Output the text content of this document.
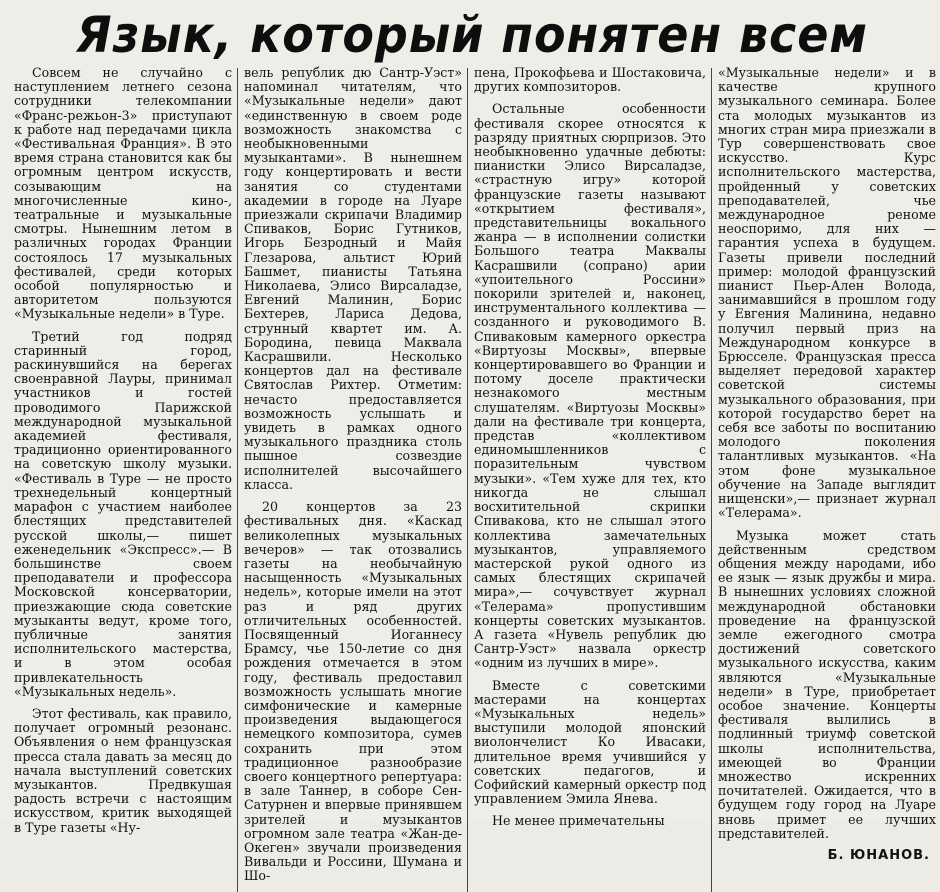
Язык, который понятен всем

Совсем не случайно с наступлением летнего сезона сотрудники телекомпании «Франс-режьон-3» приступают к работе над передачами цикла «Фестивальная Франция». В это время страна становится как бы огромным центром искусств, созывающим на многочисленные кино-, театральные и музыкальные смотры. Нынешним летом в различных городах Франции состоялось 17 музыкальных фестивалей, среди которых особой популярностью и авторитетом пользуются «Музыкальные недели» в Туре.

Третий год подряд старинный город, раскинувшийся на берегах своенравной Лауры, принимал участников и гостей проводимого Парижской международной музыкальной академией фестиваля, традиционно ориентированного на советскую школу музыки. «Фестиваль в Туре — не просто трехнедельный концертный марафон с участием наиболее блестящих представителей русской школы,— пишет еженедельник «Экспресс».— В большинстве своем преподаватели и профессора Московской консерватории, приезжающие сюда советские музыканты ведут, кроме того, публичные занятия исполнительского мастерства, и в этом особая привлекательность «Музыкальных недель».

Этот фестиваль, как правило, получает огромный резонанс. Объявления о нем французская пресса стала давать за месяц до начала выступлений советских музыкантов. Предвкушая радость встречи с настоящим искусством, критик выходящей в Туре газеты «Ну-

вель републик дю Сантр-Уэст» напоминал читателям, что «Музыкальные недели» дают «единственную в своем роде возможность знакомства с необыкновенными музыкантами». В нынешнем году концертировать и вести занятия со студентами академии в городе на Луаре приезжали скрипачи Владимир Спиваков, Борис Гутников, Игорь Безродный и Майя Глезарова, альтист Юрий Башмет, пианисты Татьяна Николаева, Элисо Вирсаладзе, Евгений Малинин, Борис Бехтерев, Лариса Дедова, струнный квартет им. А. Бородина, певица Маквала Касрашвили. Несколько концертов дал на фестивале Святослав Рихтер. Отметим: нечасто предоставляется возможность услышать и увидеть в рамках одного музыкального праздника столь пышное созвездие исполнителей высочайшего класса.

20 концертов за 23 фестивальных дня. «Каскад великолепных музыкальных вечеров» — так отозвались газеты на необычайную насыщенность «Музыкальных недель», которые имели на этот раз и ряд других отличительных особенностей. Посвященный Иоганнесу Брамсу, чье 150-летие со дня рождения отмечается в этом году, фестиваль предоставил возможность услышать многие симфонические и камерные произведения выдающегося немецкого композитора, сумев сохранить при этом традиционное разнообразие своего концертного репертуара: в зале Таннер, в соборе Сен-Сатурнен и впервые принявшем зрителей и музыкантов огромном зале театра «Жан-де-Океген» звучали произведения Вивальди и Россини, Шумана и Шо-

пена, Прокофьева и Шостаковича, других композиторов.

Остальные особенности фестиваля скорее относятся к разряду приятных сюрпризов. Это необыкновенно удачные дебюты: пианистки Элисо Вирсаладзе, «страстную игру» которой французские газеты называют «открытием фестиваля», представительницы вокального жанра — в исполнении солистки Большого театра Маквалы Касрашвили (сопрано) арии «упоительного Россини» покорили зрителей и, наконец, инструментального коллектива — созданного и руководимого В. Спиваковым камерного оркестра «Виртуозы Москвы», впервые концертировавшего во Франции и потому доселе практически незнакомого местным слушателям. «Виртуозы Москвы» дали на фестивале три концерта, представ «коллективом единомышленников с поразительным чувством музыки». «Тем хуже для тех, кто никогда не слышал восхитительной скрипки Спивакова, кто не слышал этого коллектива замечательных музыкантов, управляемого мастерской рукой одного из самых блестящих скрипачей мира»,— сочувствует журнал «Телерама» пропустившим концерты советских музыкантов. А газета «Нувель републик дю Сантр-Уэст» назвала оркестр «одним из лучших в мире».

Вместе с советскими мастерами на концертах «Музыкальных недель» выступили молодой японский виолончелист Ко Ивасаки, длительное время учившийся у советских педагогов, и Софийский камерный оркестр под управлением Эмила Янева.

Не менее примечательны

«Музыкальные недели» и в качестве крупного музыкального семинара. Более ста молодых музыкантов из многих стран мира приезжали в Тур совершенствовать свое искусство. Курс исполнительского мастерства, пройденный у советских преподавателей, чье международное реноме неоспоримо, для них — гарантия успеха в будущем. Газеты привели последний пример: молодой французский пианист Пьер-Ален Волода, занимавшийся в прошлом году у Евгения Малинина, недавно получил первый приз на Международном конкурсе в Брюсселе. Французская пресса выделяет передовой характер советской системы музыкального образования, при которой государство берет на себя все заботы по воспитанию молодого поколения талантливых музыкантов. «На этом фоне музыкальное обучение на Западе выглядит нищенски»,— признает журнал «Телерама».

Музыка может стать действенным средством общения между народами, ибо ее язык — язык дружбы и мира. В нынешних условиях сложной международной обстановки проведение на французской земле ежегодного смотра достижений советского музыкального искусства, каким являются «Музыкальные недели» в Туре, приобретает особое значение. Концерты фестиваля вылились в подлинный триумф советской школы исполнительства, имеющей во Франции множество искренних почитателей. Ожидается, что в будущем году город на Луаре вновь примет ее лучших представителей.

Б. ЮНАНОВ.
